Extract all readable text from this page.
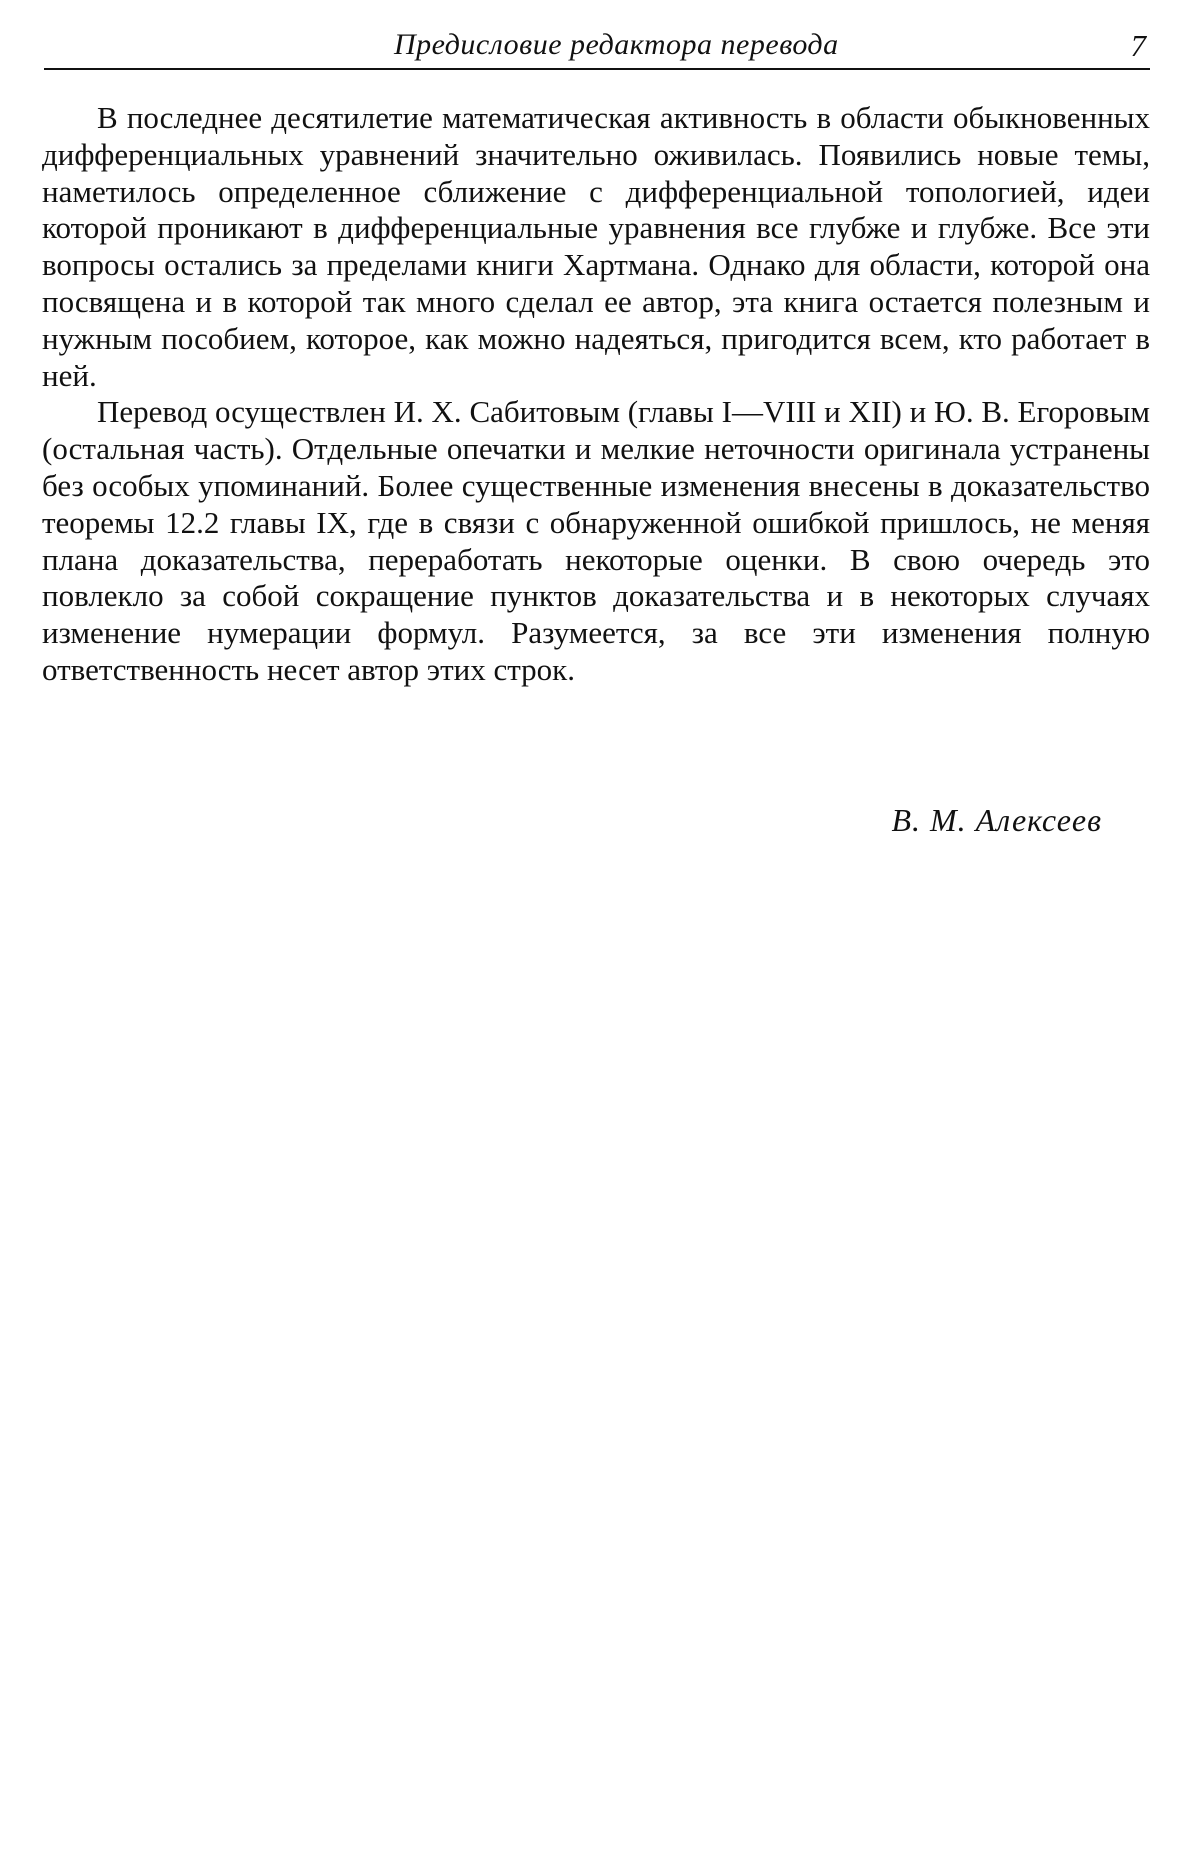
Предисловие редактора перевода	7

В последнее десятилетие математическая активность в области обыкновенных дифференциальных уравнений значительно оживилась. Появились новые темы, наметилось определенное сближение с дифференциальной топологией, идеи которой проникают в дифференциальные уравнения все глубже и глубже. Все эти вопросы остались за пределами книги Хартмана. Однако для области, которой она посвящена и в которой так много сделал ее автор, эта книга остается полезным и нужным пособием, которое, как можно надеяться, пригодится всем, кто работает в ней.

Перевод осуществлен И. X. Сабитовым (главы I—VIII и XII) и Ю. В. Егоровым (остальная часть). Отдельные опечатки и мелкие неточности оригинала устранены без особых упоминаний. Более существенные изменения внесены в доказательство теоремы 12.2 главы IX, где в связи с обнаруженной ошибкой пришлось, не меняя плана доказательства, переработать некоторые оценки. В свою очередь это повлекло за собой сокращение пунктов доказательства и в некоторых случаях изменение нумерации формул. Разумеется, за все эти изменения полную ответственность несет автор этих строк.

В. М. Алексеев
